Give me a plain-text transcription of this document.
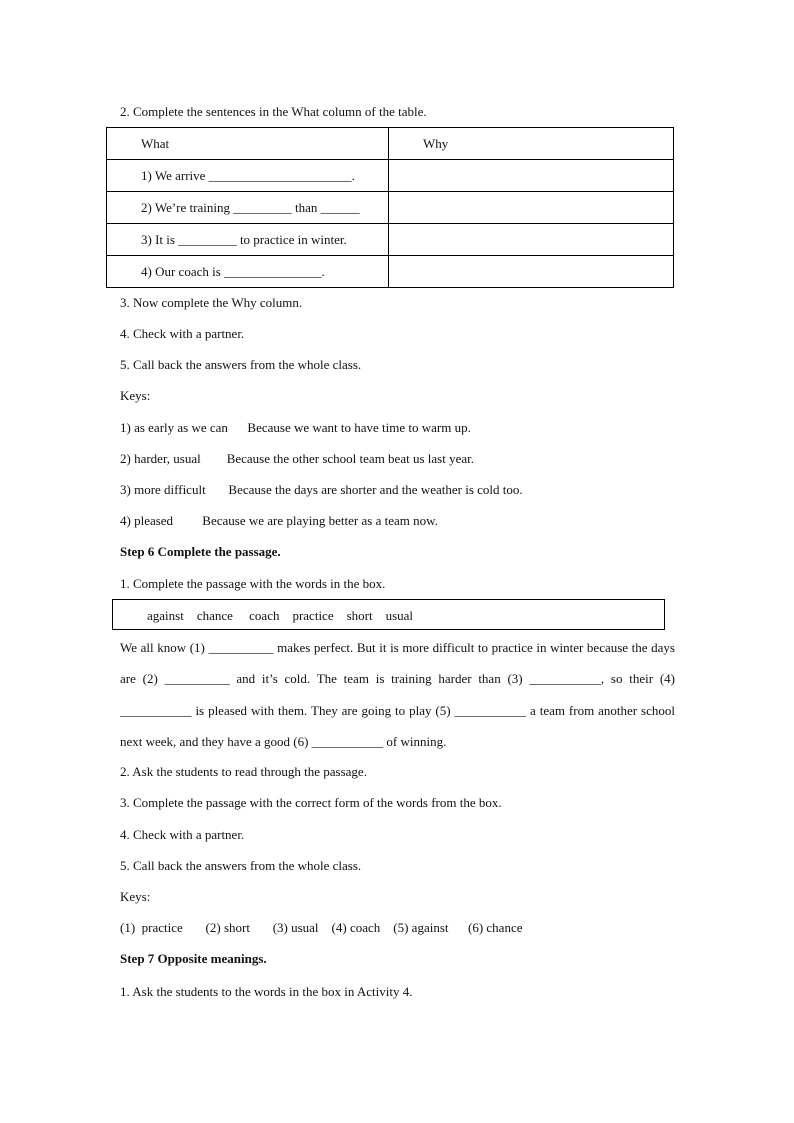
2. Complete the sentences in the What column of the table.
What	Why
1) We arrive ______________________.	
2) We’re training _________ than ______	
3) It is _________ to practice in winter.	
4) Our coach is _______________.	
3. Now complete the Why column.
4. Check with a partner.
5. Call back the answers from the whole class.
Keys:
1) as early as we can      Because we want to have time to warm up.
2) harder, usual        Because the other school team beat us last year.
3) more difficult       Because the days are shorter and the weather is cold too.
4) pleased         Because we are playing better as a team now.
Step 6 Complete the passage.
1. Complete the passage with the words in the box.
against    chance     coach    practice    short    usual
We all know (1) __________ makes perfect. But it is more difficult to practice in winter because the days are (2) __________ and it’s cold. The team is training harder than (3) ___________, so their (4) ___________ is pleased with them. They are going to play (5) ___________ a team from another school next week, and they have a good (6) ___________ of winning.
2. Ask the students to read through the passage.
3. Complete the passage with the correct form of the words from the box.
4. Check with a partner.
5. Call back the answers from the whole class.
Keys:
(1)  practice       (2) short       (3) usual    (4) coach    (5) against      (6) chance
Step 7 Opposite meanings.
1. Ask the students to the words in the box in Activity 4.
